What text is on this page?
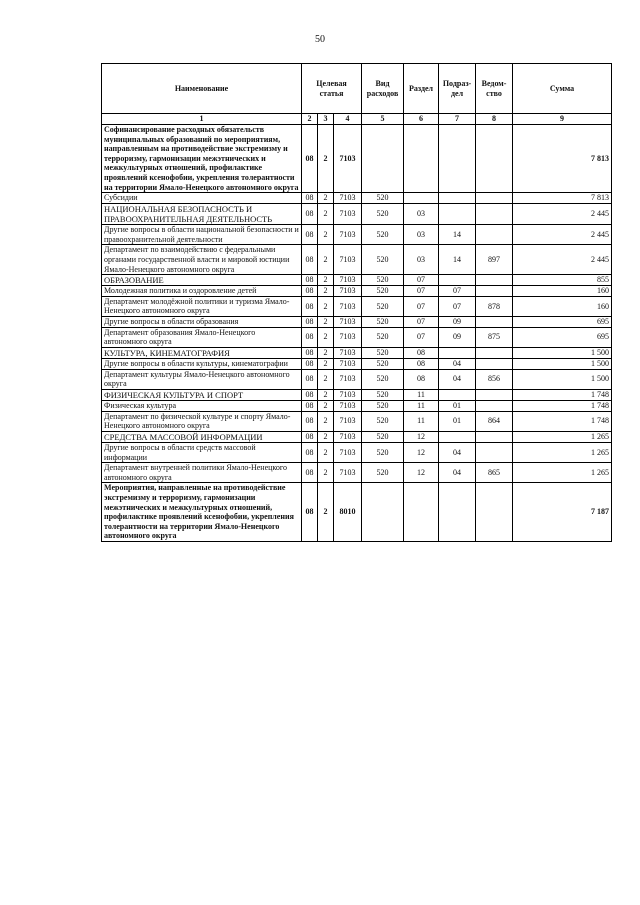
50
Наименование	Целевая статья			Вид расходов	Раздел	Подраз-дел	Ведом-ство	Сумма
1	2	3	4	5	6	7	8	9
Софинансирование расходных обязательств муниципальных образований по мероприятиям, направленным на противодействие экстремизму и терроризму, гармонизации межэтнических и межкультурных отношений, профилактике проявлений ксенофобии, укрепления толерантности на территории Ямало-Ненецкого автономного округа	08	2	7103					7 813
Субсидии	08	2	7103	520				7 813
НАЦИОНАЛЬНАЯ БЕЗОПАСНОСТЬ И ПРАВООХРАНИТЕЛЬНАЯ ДЕЯТЕЛЬНОСТЬ	08	2	7103	520	03			2 445
Другие вопросы в области национальной безопасности и правоохранительной деятельности	08	2	7103	520	03	14		2 445
Департамент по взаимодействию с федеральными органами государственной власти и мировой юстиции Ямало-Ненецкого автономного округа	08	2	7103	520	03	14	897	2 445
ОБРАЗОВАНИЕ	08	2	7103	520	07			855
Молодежная политика и оздоровление детей	08	2	7103	520	07	07		160
Департамент молодёжной политики и туризма Ямало-Ненецкого автономного округа	08	2	7103	520	07	07	878	160
Другие вопросы в области образования	08	2	7103	520	07	09		695
Департамент образования Ямало-Ненецкого автономного округа	08	2	7103	520	07	09	875	695
КУЛЬТУРА, КИНЕМАТОГРАФИЯ	08	2	7103	520	08			1 500
Другие вопросы в области культуры, кинематографии	08	2	7103	520	08	04		1 500
Департамент культуры Ямало-Ненецкого автономного округа	08	2	7103	520	08	04	856	1 500
ФИЗИЧЕСКАЯ КУЛЬТУРА И СПОРТ	08	2	7103	520	11			1 748
Физическая культура	08	2	7103	520	11	01		1 748
Департамент по физической культуре и спорту Ямало-Ненецкого автономного округа	08	2	7103	520	11	01	864	1 748
СРЕДСТВА МАССОВОЙ ИНФОРМАЦИИ	08	2	7103	520	12			1 265
Другие вопросы в области средств массовой информации	08	2	7103	520	12	04		1 265
Департамент внутренней политики Ямало-Ненецкого автономного округа	08	2	7103	520	12	04	865	1 265
Мероприятия, направленные на противодействие экстремизму и терроризму, гармонизации межэтнических и межкультурных отношений, профилактике проявлений ксенофобии, укрепления толерантности на территории Ямало-Ненецкого автономного округа	08	2	8010					7 187
